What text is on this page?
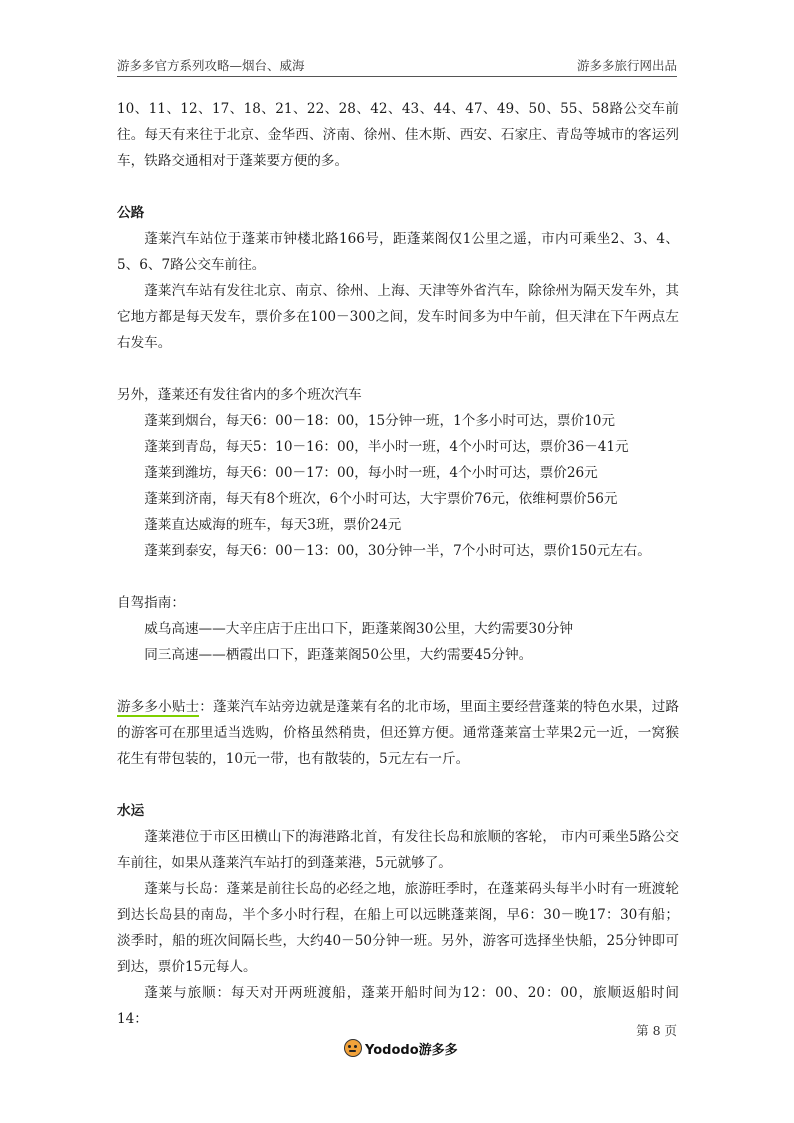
游多多官方系列攻略—烟台、威海	游多多旅行网出品

10、11、12、17、18、21、22、28、42、43、44、47、49、50、55、58路公交车前往。每天有来往于北京、金华西、济南、徐州、佳木斯、西安、石家庄、青岛等城市的客运列车，铁路交通相对于蓬莱要方便的多。

公路

蓬莱汽车站位于蓬莱市钟楼北路166号，距蓬莱阁仅1公里之遥，市内可乘坐2、3、4、5、6、7路公交车前往。

蓬莱汽车站有发往北京、南京、徐州、上海、天津等外省汽车，除徐州为隔天发车外，其它地方都是每天发车，票价多在100－300之间，发车时间多为中午前，但天津在下午两点左右发车。

另外，蓬莱还有发往省内的多个班次汽车

蓬莱到烟台，每天6：00－18：00，15分钟一班，1个多小时可达，票价10元

蓬莱到青岛，每天5：10－16：00，半小时一班，4个小时可达，票价36－41元

蓬莱到潍坊，每天6：00－17：00，每小时一班，4个小时可达，票价26元

蓬莱到济南，每天有8个班次，6个小时可达，大宇票价76元，依维柯票价56元

蓬莱直达威海的班车，每天3班，票价24元

蓬莱到泰安，每天6：00－13：00，30分钟一半，7个小时可达，票价150元左右。

自驾指南：

威乌高速——大辛庄店于庄出口下，距蓬莱阁30公里，大约需要30分钟

同三高速——栖霞出口下，距蓬莱阁50公里，大约需要45分钟。

游多多小贴士：蓬莱汽车站旁边就是蓬莱有名的北市场，里面主要经营蓬莱的特色水果，过路的游客可在那里适当选购，价格虽然稍贵，但还算方便。通常蓬莱富士苹果2元一近，一窝猴花生有带包装的，10元一带，也有散装的，5元左右一斤。

水运

蓬莱港位于市区田横山下的海港路北首，有发往长岛和旅顺的客轮， 市内可乘坐5路公交车前往，如果从蓬莱汽车站打的到蓬莱港，5元就够了。

蓬莱与长岛：蓬莱是前往长岛的必经之地，旅游旺季时，在蓬莱码头每半小时有一班渡轮到达长岛县的南岛，半个多小时行程，在船上可以远眺蓬莱阁，早6：30－晚17：30有船；淡季时，船的班次间隔长些，大约40－50分钟一班。另外，游客可选择坐快船，25分钟即可到达，票价15元每人。

蓬莱与旅顺：每天对开两班渡船，蓬莱开船时间为12：00、20：00，旅顺返船时间14：

第 8 页
Yododo游多多
